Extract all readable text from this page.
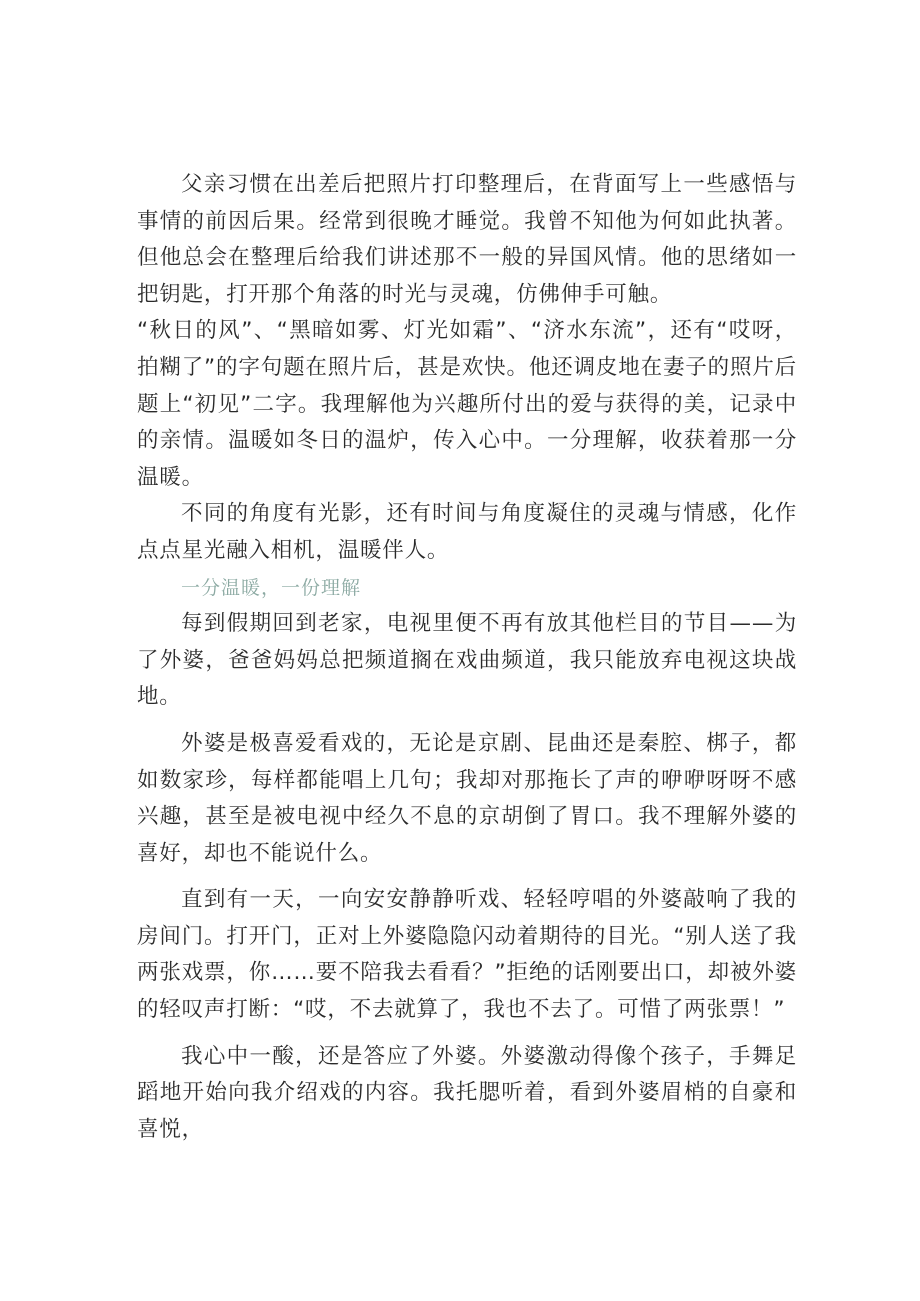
父亲习惯在出差后把照片打印整理后，在背面写上一些感悟与事情的前因后果。经常到很晚才睡觉。我曾不知他为何如此执著。但他总会在整理后给我们讲述那不一般的异国风情。他的思绪如一把钥匙，打开那个角落的时光与灵魂，仿佛伸手可触。

“秋日的风”、“黑暗如雾、灯光如霜”、“济水东流”，还有“哎呀，拍糊了”的字句题在照片后，甚是欢快。他还调皮地在妻子的照片后题上“初见”二字。我理解他为兴趣所付出的爱与获得的美，记录中的亲情。温暖如冬日的温炉，传入心中。一分理解，收获着那一分温暖。

不同的角度有光影，还有时间与角度凝住的灵魂与情感，化作点点星光融入相机，温暖伴人。

一分温暖，一份理解

每到假期回到老家，电视里便不再有放其他栏目的节目——为了外婆，爸爸妈妈总把频道搁在戏曲频道，我只能放弃电视这块战地。

外婆是极喜爱看戏的，无论是京剧、昆曲还是秦腔、梆子，都如数家珍，每样都能唱上几句；我却对那拖长了声的咿咿呀呀不感兴趣，甚至是被电视中经久不息的京胡倒了胃口。我不理解外婆的喜好，却也不能说什么。

直到有一天，一向安安静静听戏、轻轻哼唱的外婆敲响了我的房间门。打开门，正对上外婆隐隐闪动着期待的目光。“别人送了我两张戏票，你……要不陪我去看看？”拒绝的话刚要出口，却被外婆的轻叹声打断：“哎，不去就算了，我也不去了。可惜了两张票！”

我心中一酸，还是答应了外婆。外婆激动得像个孩子，手舞足蹈地开始向我介绍戏的内容。我托腮听着，看到外婆眉梢的自豪和喜悦，
